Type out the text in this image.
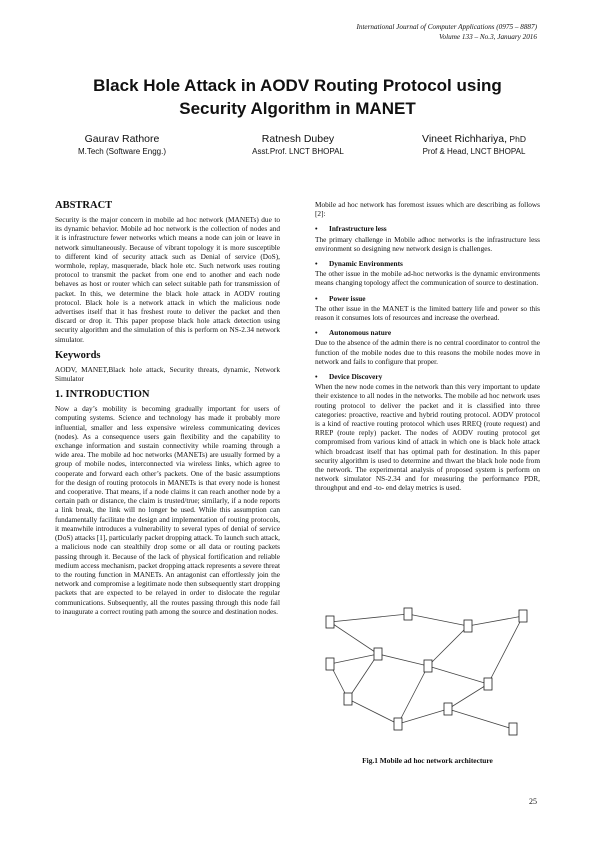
International Journal of Computer Applications (0975 – 8887)
Volume 133 – No.3, January 2016
Black Hole Attack in AODV Routing Protocol using
Security Algorithm in MANET
Gaurav Rathore
M.Tech (Software Engg.)
Ratnesh Dubey
Asst.Prof. LNCT BHOPAL
Vineet Richhariya, PhD
Prof & Head, LNCT BHOPAL
ABSTRACT

Security is the major concern in mobile ad hoc network (MANETs) due to its dynamic behavior. Mobile ad hoc network is the collection of nodes and it is infrastructure fewer networks which means a node can join or leave in network simultaneously. Because of vibrant topology it is more susceptible to different kind of security attack such as Denial of service (DoS), wormhole, replay, masquerade, black hole etc. Such network uses routing protocol to transmit the packet from one end to another and each node behaves as host or router which can select suitable path for transmission of packet. In this, we determine the black hole attack in AODV routing protocol. Black hole is a network attack in which the malicious node advertises itself that it has freshest route to deliver the packet and then discard or drop it. This paper propose black hole attack detection using security algorithm and the simulation of this is perform on NS-2.34 network simulator.

Keywords

AODV, MANET,Black hole attack, Security threats, dynamic, Network Simulator

1. INTRODUCTION

Now a day’s mobility is becoming gradually important for users of computing systems. Science and technology has made it probably more influential, smaller and less expensive wireless communicating devices (nodes). As a consequence users gain flexibility and the capability to exchange information and sustain connectivity while roaming through a wide area. The mobile ad hoc networks (MANETs) are usually formed by a group of mobile nodes, interconnected via wireless links, which agree to cooperate and forward each other’s packets. One of the basic assumptions for the design of routing protocols in MANETs is that every node is honest and cooperative. That means, if a node claims it can reach another node by a certain path or distance, the claim is trusted/true; similarly, if a node reports a link break, the link will no longer be used. While this assumption can fundamentally facilitate the design and implementation of routing protocols, it meanwhile introduces a vulnerability to several types of denial of service (DoS) attacks [1], particularly packet dropping attack. To launch such attack, a malicious node can stealthily drop some or all data or routing packets passing through it. Because of the lack of physical fortification and reliable medium access mechanism, packet dropping attack represents a severe threat to the routing function in MANETs. An antagonist can effortlessly join the network and compromise a legitimate node then subsequently start dropping packets that are expected to be relayed in order to dislocate the regular communications. Subsequently, all the routes passing through this node fail to inaugurate a correct routing path among the source and destination nodes.

Mobile ad hoc network has foremost issues which are describing as follows [2]:

• Infrastructure less

The primary challenge in Mobile adhoc networks is the infrastructure less environment so designing new network design is challenges.

• Dynamic Environments

The other issue in the mobile ad-hoc networks is the dynamic environments means changing topology affect the communication of source to destination.

• Power issue

The other issue in the MANET is the limited battery life and power so this reason it consumes lots of resources and increase the overhead.

• Autonomous nature

Due to the absence of the admin there is no central coordinator to control the function of the mobile nodes due to this reasons the mobile nodes move in network and fails to configure that proper.

• Device Discovery

When the new node comes in the network than this very important to update their existence to all nodes in the networks. The mobile ad hoc network uses routing protocol to deliver the packet and it is classified into three categories: proactive, reactive and hybrid routing protocol. AODV protocol is a kind of reactive routing protocol which uses RREQ (route request) and RREP (route reply) packet. The nodes of AODV routing protocol get compromised from various kind of attack in which one is black hole attack which broadcast itself that has optimal path for destination. In this paper security algorithm is used to determine and thwart the black hole node from the network. The experimental analysis of proposed system is perform on network simulator NS-2.34 and for measuring the performance PDR, throughput and end -to- end delay metrics is used.

Fig.1 Mobile ad hoc network architecture
25
